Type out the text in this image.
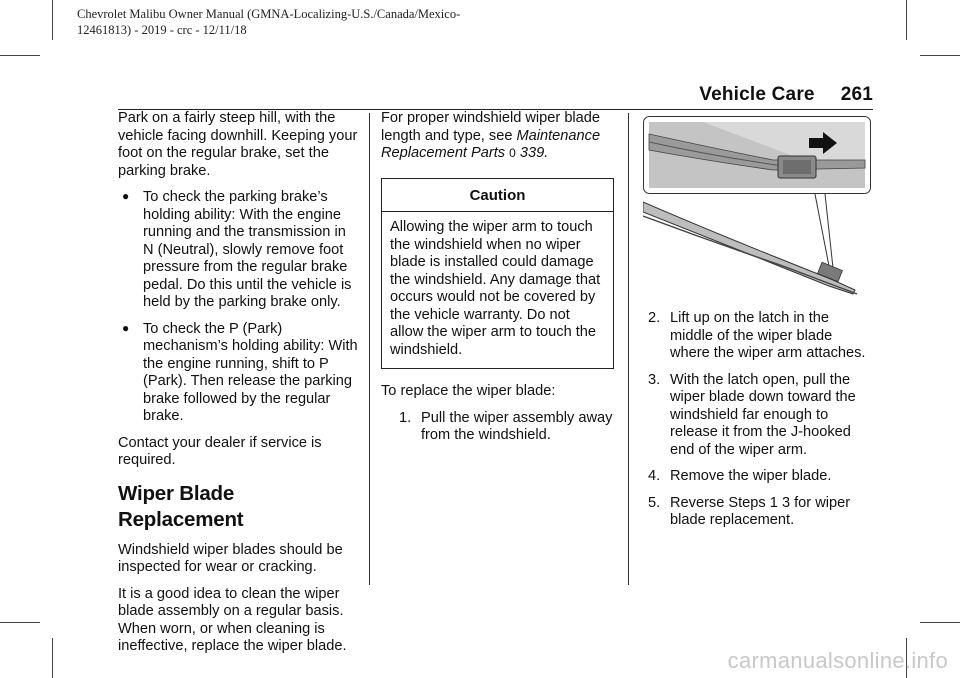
Chevrolet Malibu Owner Manual (GMNA-Localizing-U.S./Canada/Mexico-
12461813) - 2019 - crc - 12/11/18
Vehicle Care 261

Park on a fairly steep hill, with the vehicle facing downhill. Keeping your foot on the regular brake, set the parking brake.

● To check the parking brake’s holding ability: With the engine running and the transmission in N (Neutral), slowly remove foot pressure from the regular brake pedal. Do this until the vehicle is held by the parking brake only.
● To check the P (Park) mechanism’s holding ability: With the engine running, shift to P (Park). Then release the parking brake followed by the regular brake.

Contact your dealer if service is required.

Wiper Blade Replacement

Windshield wiper blades should be inspected for wear or cracking.

It is a good idea to clean the wiper blade assembly on a regular basis. When worn, or when cleaning is ineffective, replace the wiper blade.

For proper windshield wiper blade length and type, see Maintenance Replacement Parts 0 339.

Caution
Allowing the wiper arm to touch the windshield when no wiper blade is installed could damage the windshield. Any damage that occurs would not be covered by the vehicle warranty. Do not allow the wiper arm to touch the windshield.

To replace the wiper blade:

1. Pull the wiper assembly away from the windshield.
2. Lift up on the latch in the middle of the wiper blade where the wiper arm attaches.
3. With the latch open, pull the wiper blade down toward the windshield far enough to release it from the J-hooked end of the wiper arm.
4. Remove the wiper blade.
5. Reverse Steps 1 3 for wiper blade replacement.
carmanualsonline.info
